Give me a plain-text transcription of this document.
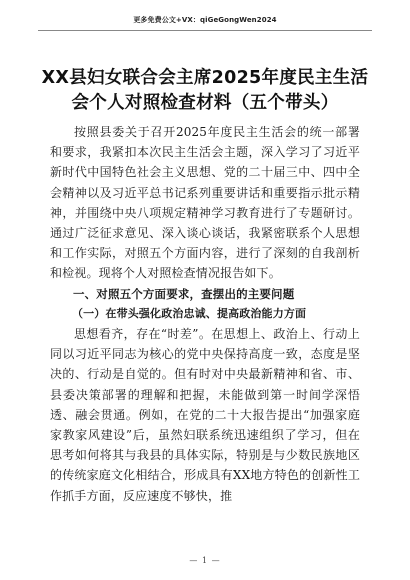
更多免费公文+VX：qiGeGongWen2024
XX县妇女联合会主席2025年度民主生活
会个人对照检查材料（五个带头）

按照县委关于召开2025年度民主生活会的统一部署和要求，我紧扣本次民主生活会主题，深入学习了习近平新时代中国特色社会主义思想、党的二十届三中、四中全会精神以及习近平总书记系列重要讲话和重要指示批示精神，并围绕中央八项规定精神学习教育进行了专题研讨。通过广泛征求意见、深入谈心谈话，我紧密联系个人思想和工作实际，对照五个方面内容，进行了深刻的自我剖析和检视。现将个人对照检查情况报告如下。

一、对照五个方面要求，查摆出的主要问题
（一）在带头强化政治忠诚、提高政治能力方面

思想看齐，存在“时差”。在思想上、政治上、行动上同以习近平同志为核心的党中央保持高度一致，态度是坚决的、行动是自觉的。但有时对中央最新精神和省、市、县委决策部署的理解和把握，未能做到第一时间学深悟透、融会贯通。例如，在党的二十大报告提出“加强家庭家教家风建设”后，虽然妇联系统迅速组织了学习，但在思考如何将其与我县的具体实际，特别是与少数民族地区的传统家庭文化相结合，形成具有XX地方特色的创新性工作抓手方面，反应速度不够快，推

— 1 —
